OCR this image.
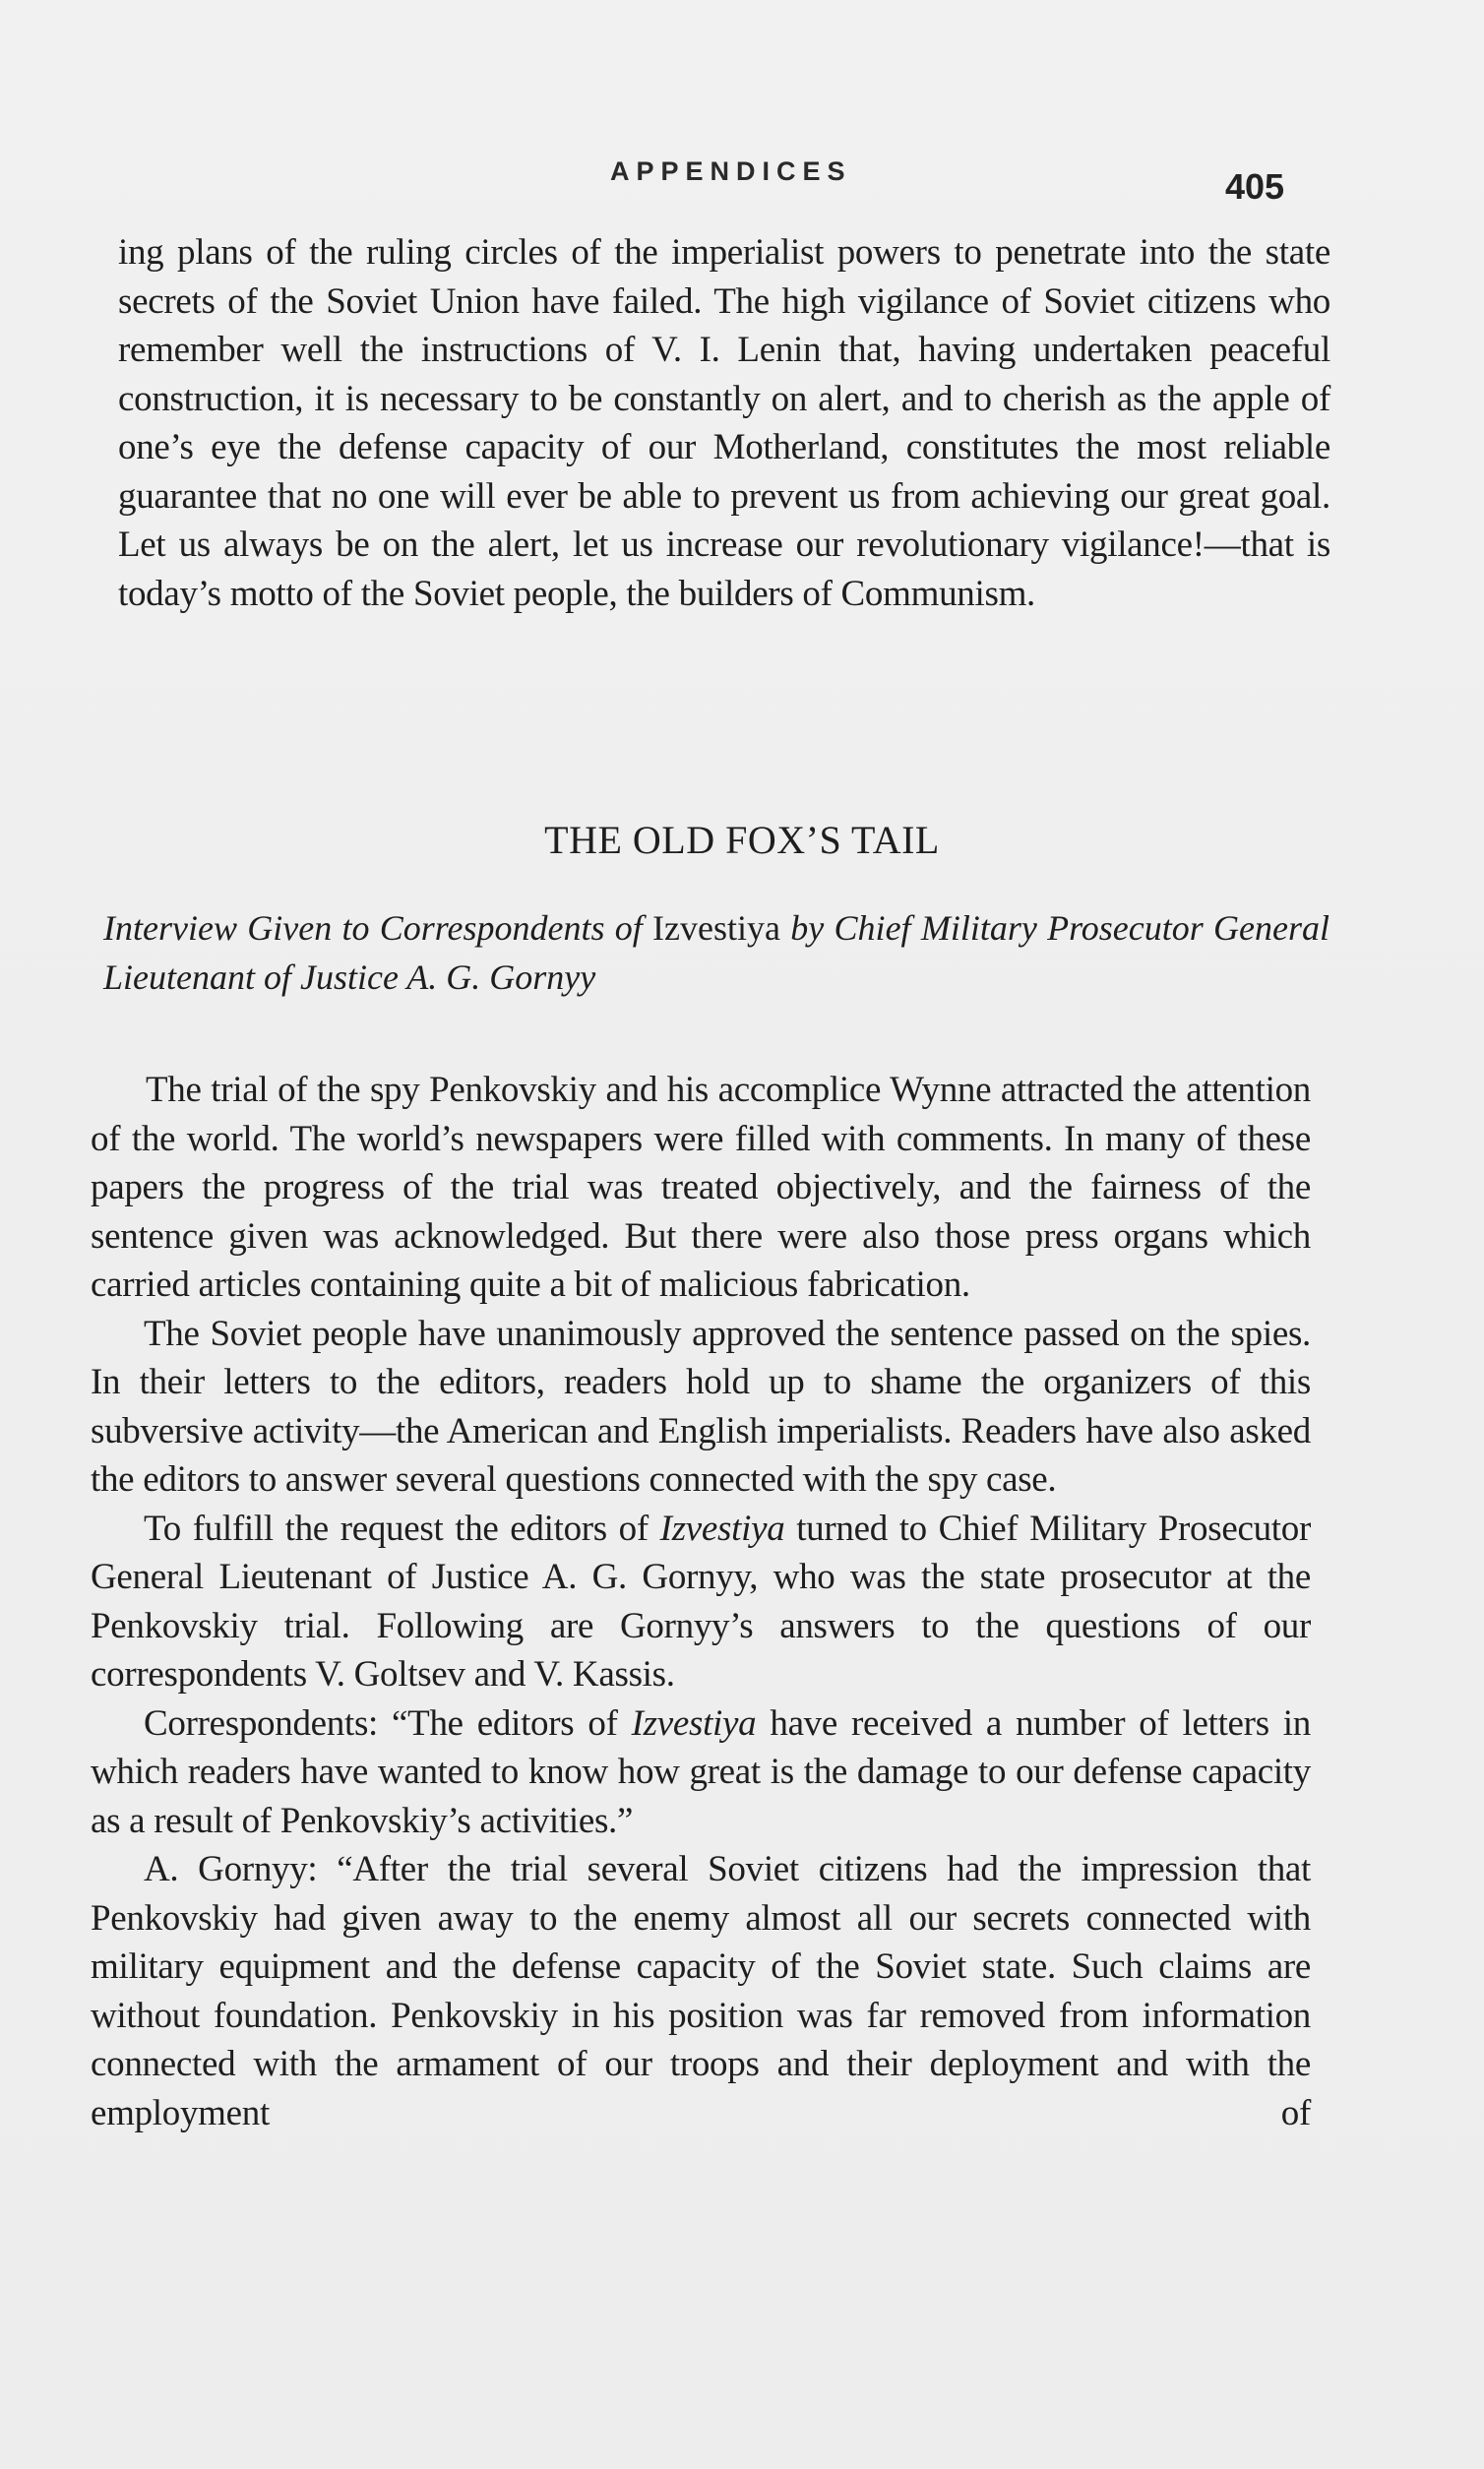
APPENDICES	405

ing plans of the ruling circles of the imperialist powers to penetrate into the state secrets of the Soviet Union have failed. The high vigilance of Soviet citizens who remember well the instructions of V. I. Lenin that, having undertaken peaceful construction, it is necessary to be constantly on alert, and to cherish as the apple of one’s eye the defense capacity of our Motherland, constitutes the most reliable guarantee that no one will ever be able to prevent us from achieving our great goal. Let us always be on the alert, let us increase our revolutionary vigilance!—that is today’s motto of the Soviet people, the builders of Communism.

THE OLD FOX’S TAIL
Interview Given to Correspondents of Izvestiya by Chief Military Prosecutor General Lieutenant of Justice A. G. Gornyy

The trial of the spy Penkovskiy and his accomplice Wynne attracted the attention of the world. The world’s newspapers were filled with comments. In many of these papers the progress of the trial was treated objectively, and the fairness of the sentence given was acknowledged. But there were also those press organs which carried articles containing quite a bit of malicious fabrication.

The Soviet people have unanimously approved the sentence passed on the spies. In their letters to the editors, readers hold up to shame the organizers of this subversive activity—the American and English imperialists. Readers have also asked the editors to answer several questions connected with the spy case.

To fulfill the request the editors of Izvestiya turned to Chief Military Prosecutor General Lieutenant of Justice A. G. Gornyy, who was the state prosecutor at the Penkovskiy trial. Following are Gornyy’s answers to the questions of our correspondents V. Goltsev and V. Kassis.

Correspondents: “The editors of Izvestiya have received a number of letters in which readers have wanted to know how great is the damage to our defense capacity as a result of Penkovskiy’s activities.”

A. Gornyy: “After the trial several Soviet citizens had the impression that Penkovskiy had given away to the enemy almost all our secrets connected with military equipment and the defense capacity of the Soviet state. Such claims are without foundation. Penkovskiy in his position was far removed from information connected with the armament of our troops and their deployment and with the employment of
